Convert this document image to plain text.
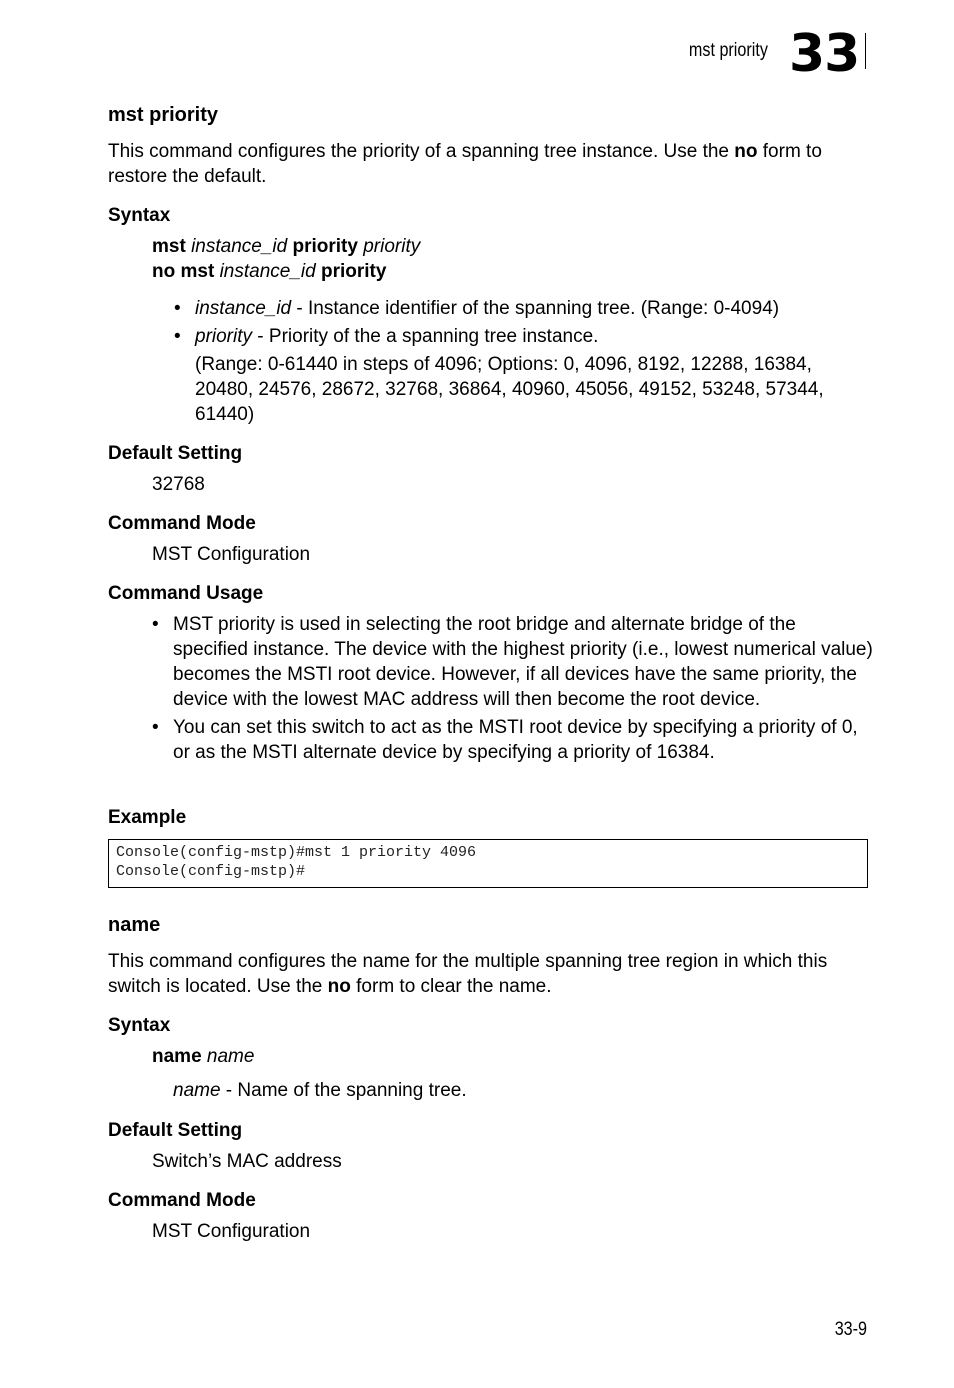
mst priority 33
mst priority
This command configures the priority of a spanning tree instance. Use the no form to restore the default.
Syntax
mst instance_id priority priority
no mst instance_id priority
• instance_id - Instance identifier of the spanning tree. (Range: 0-4094)
• priority - Priority of the a spanning tree instance.
(Range: 0-61440 in steps of 4096; Options: 0, 4096, 8192, 12288, 16384, 20480, 24576, 28672, 32768, 36864, 40960, 45056, 49152, 53248, 57344, 61440)
Default Setting
32768
Command Mode
MST Configuration
Command Usage
• MST priority is used in selecting the root bridge and alternate bridge of the specified instance. The device with the highest priority (i.e., lowest numerical value) becomes the MSTI root device. However, if all devices have the same priority, the device with the lowest MAC address will then become the root device.
• You can set this switch to act as the MSTI root device by specifying a priority of 0, or as the MSTI alternate device by specifying a priority of 16384.
Example
Console(config-mstp)#mst 1 priority 4096
Console(config-mstp)#
name
This command configures the name for the multiple spanning tree region in which this switch is located. Use the no form to clear the name.
Syntax
name name
name - Name of the spanning tree.
Default Setting
Switch’s MAC address
Command Mode
MST Configuration
33-9
